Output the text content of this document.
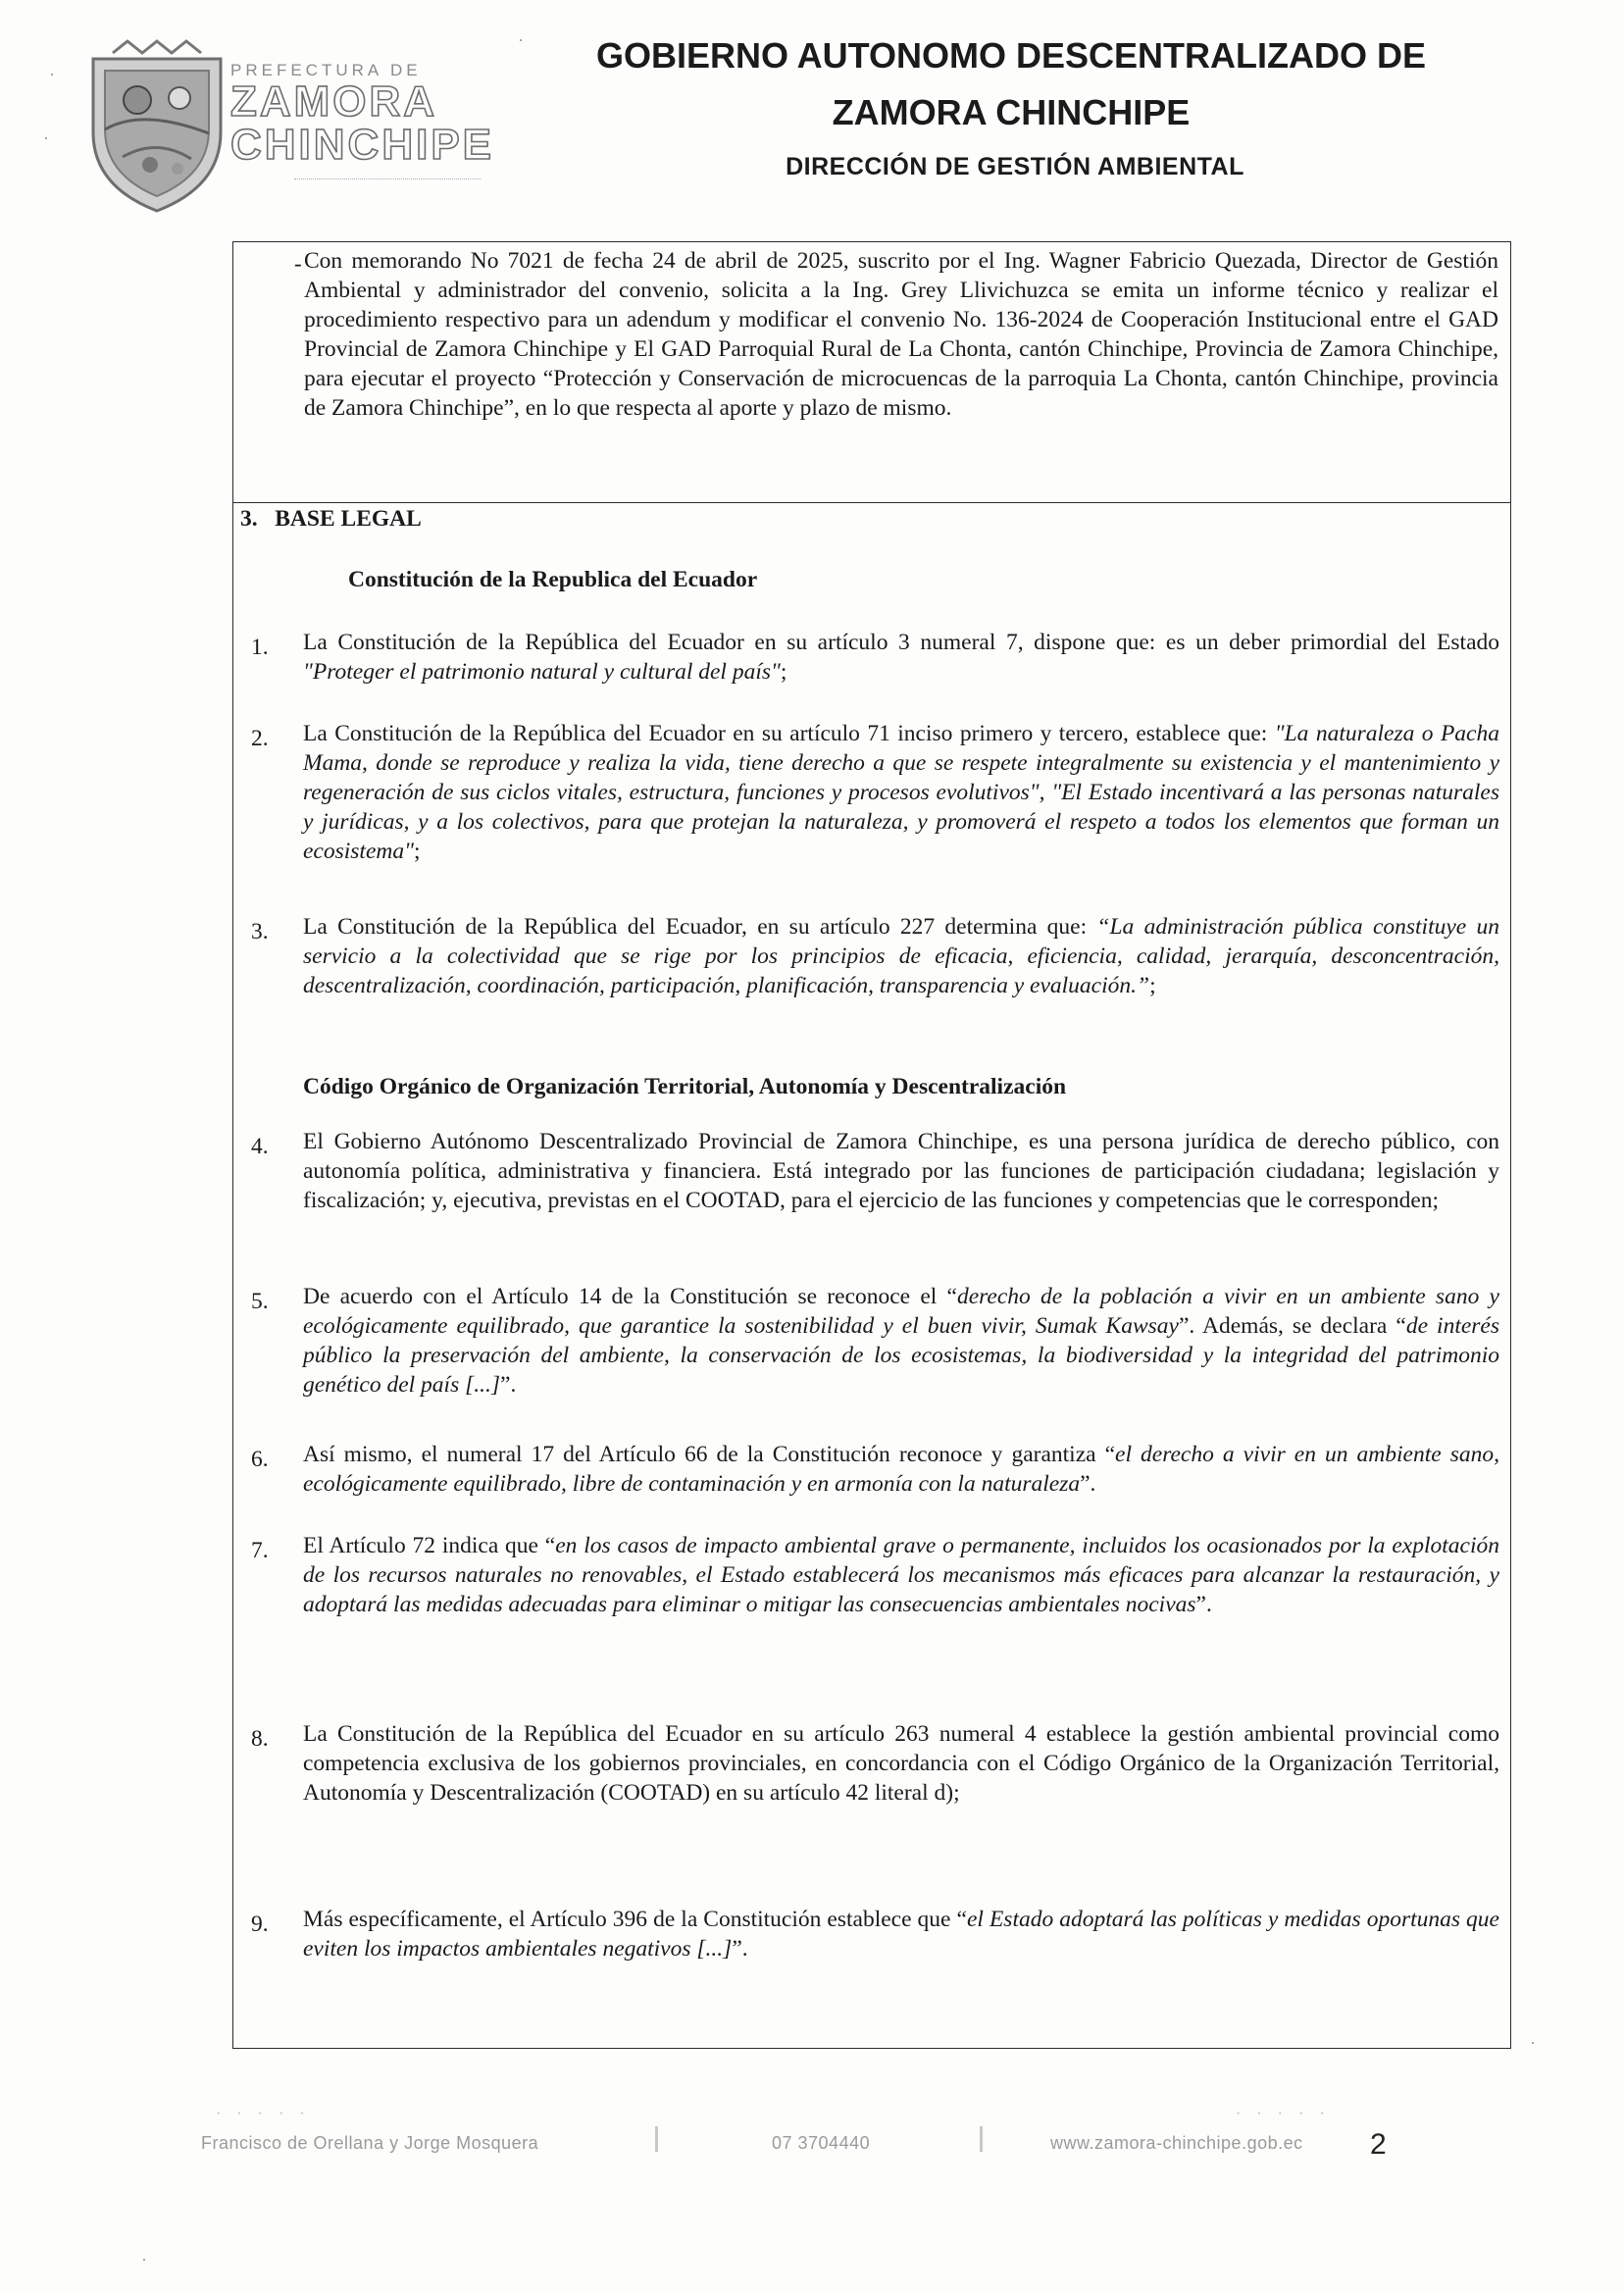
PREFECTURA DE
ZAMORA
CHINCHIPE
GOBIERNO AUTONOMO DESCENTRALIZADO DE
ZAMORA CHINCHIPE
DIRECCIÓN DE GESTIÓN AMBIENTAL
- Con memorando No 7021 de fecha 24 de abril de 2025, suscrito por el Ing. Wagner Fabricio Quezada, Director de Gestión Ambiental y administrador del convenio, solicita a la Ing. Grey Llivichuzca se emita un informe técnico y realizar el procedimiento respectivo para un adendum y modificar el convenio No. 136-2024 de Cooperación Institucional entre el GAD Provincial de Zamora Chinchipe y El GAD Parroquial Rural de La Chonta, cantón Chinchipe, Provincia de Zamora Chinchipe, para ejecutar el proyecto “Protección y Conservación de microcuencas de la parroquia La Chonta, cantón Chinchipe, provincia de Zamora Chinchipe”, en lo que respecta al aporte y plazo de mismo.
3. BASE LEGAL
Constitución de la Republica del Ecuador
Código Orgánico de Organización Territorial, Autonomía y Descentralización
1. La Constitución de la República del Ecuador en su artículo 3 numeral 7, dispone que: es un deber primordial del Estado "Proteger el patrimonio natural y cultural del país";
2. La Constitución de la República del Ecuador en su artículo 71 inciso primero y tercero, establece que: "La naturaleza o Pacha Mama, donde se reproduce y realiza la vida, tiene derecho a que se respete integralmente su existencia y el mantenimiento y regeneración de sus ciclos vitales, estructura, funciones y procesos evolutivos", "El Estado incentivará a las personas naturales y jurídicas, y a los colectivos, para que protejan la naturaleza, y promoverá el respeto a todos los elementos que forman un ecosistema";
3. La Constitución de la República del Ecuador, en su artículo 227 determina que: “La administración pública constituye un servicio a la colectividad que se rige por los principios de eficacia, eficiencia, calidad, jerarquía, desconcentración, descentralización, coordinación, participación, planificación, transparencia y evaluación.”;
4. El Gobierno Autónomo Descentralizado Provincial de Zamora Chinchipe, es una persona jurídica de derecho público, con autonomía política, administrativa y financiera. Está integrado por las funciones de participación ciudadana; legislación y fiscalización; y, ejecutiva, previstas en el COOTAD, para el ejercicio de las funciones y competencias que le corresponden;
5. De acuerdo con el Artículo 14 de la Constitución se reconoce el “derecho de la población a vivir en un ambiente sano y ecológicamente equilibrado, que garantice la sostenibilidad y el buen vivir, Sumak Kawsay”. Además, se declara “de interés público la preservación del ambiente, la conservación de los ecosistemas, la biodiversidad y la integridad del patrimonio genético del país [...]”.
6. Así mismo, el numeral 17 del Artículo 66 de la Constitución reconoce y garantiza “el derecho a vivir en un ambiente sano, ecológicamente equilibrado, libre de contaminación y en armonía con la naturaleza”.
7. El Artículo 72 indica que “en los casos de impacto ambiental grave o permanente, incluidos los ocasionados por la explotación de los recursos naturales no renovables, el Estado establecerá los mecanismos más eficaces para alcanzar la restauración, y adoptará las medidas adecuadas para eliminar o mitigar las consecuencias ambientales nocivas”.
8. La Constitución de la República del Ecuador en su artículo 263 numeral 4 establece la gestión ambiental provincial como competencia exclusiva de los gobiernos provinciales, en concordancia con el Código Orgánico de la Organización Territorial, Autonomía y Descentralización (COOTAD) en su artículo 42 literal d);
9. Más específicamente, el Artículo 396 de la Constitución establece que “el Estado adoptará las políticas y medidas oportunas que eviten los impactos ambientales negativos [...]”.
2
· · · · ·	· · · · ·
Francisco de Orellana y Jorge Mosquera	07 3704440	www.zamora-chinchipe.gob.ec
